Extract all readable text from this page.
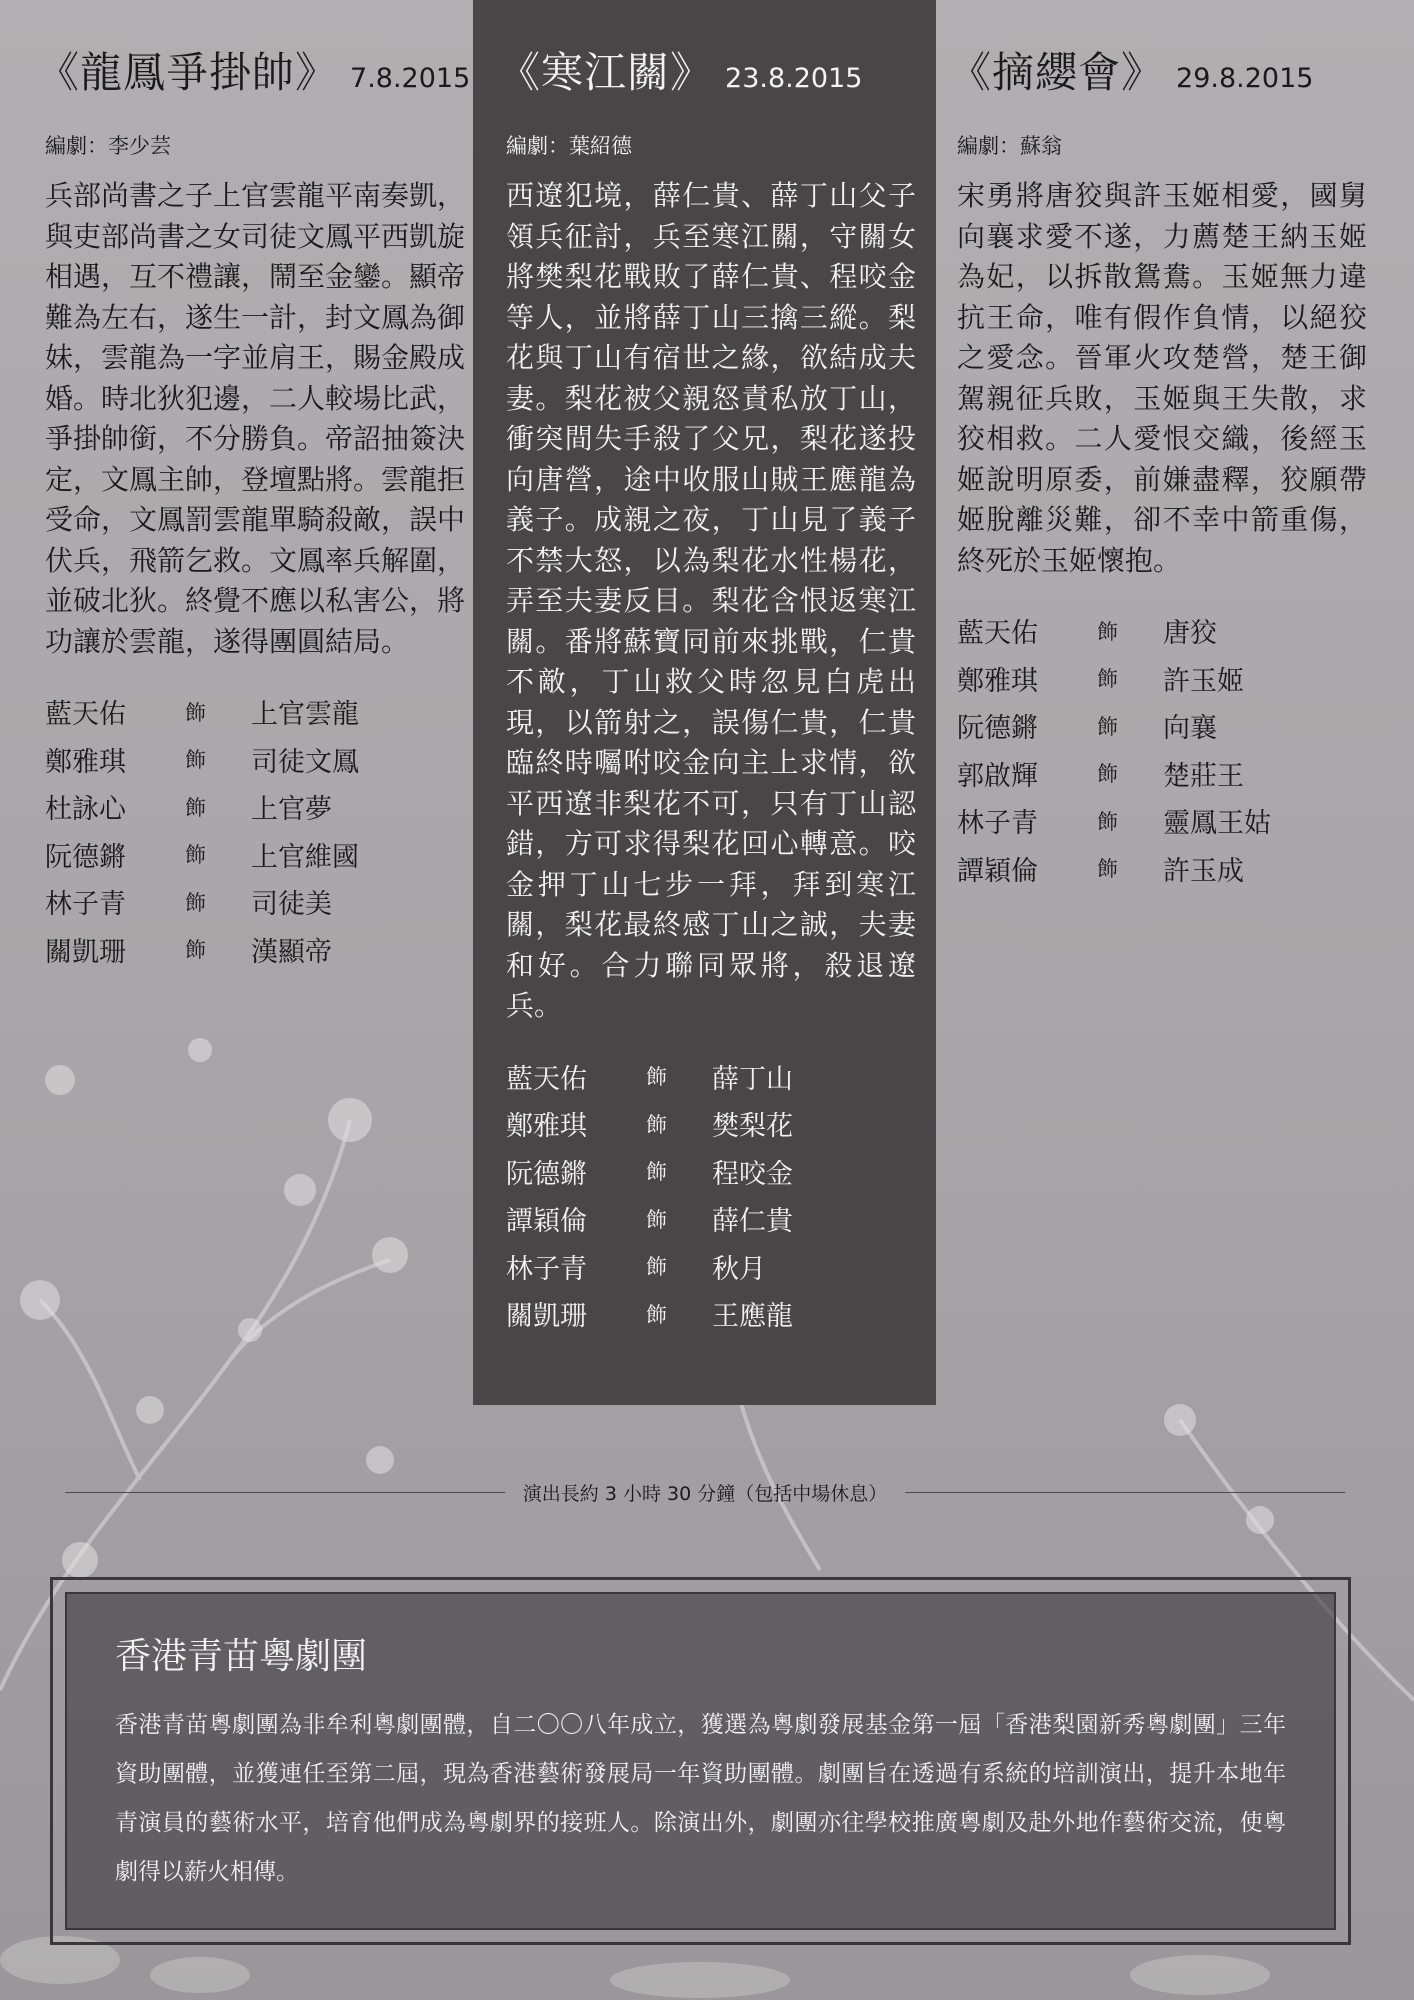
《龍鳳爭掛帥》 7.8.2015
編劇：李少芸

兵部尚書之子上官雲龍平南奏凱，與吏部尚書之女司徒文鳳平西凱旋相遇，互不禮讓，鬧至金鑾。顯帝難為左右，遂生一計，封文鳳為御妹，雲龍為一字並肩王，賜金殿成婚。時北狄犯邊，二人較場比武，爭掛帥銜，不分勝負。帝詔抽簽決定，文鳳主帥，登壇點將。雲龍拒受命，文鳳罰雲龍單騎殺敵，誤中伏兵，飛箭乞救。文鳳率兵解圍，並破北狄。終覺不應以私害公，將功讓於雲龍，遂得團圓結局。

藍天佑	飾	上官雲龍
鄭雅琪	飾	司徒文鳳
杜詠心	飾	上官夢
阮德鏘	飾	上官維國
林子青	飾	司徒美
關凱珊	飾	漢顯帝
《寒江關》 23.8.2015
編劇：葉紹德

西遼犯境，薛仁貴、薛丁山父子領兵征討，兵至寒江關，守關女將樊梨花戰敗了薛仁貴、程咬金等人，並將薛丁山三擒三縱。梨花與丁山有宿世之緣，欲結成夫妻。梨花被父親怒責私放丁山，衝突間失手殺了父兄，梨花遂投向唐營，途中收服山賊王應龍為義子。成親之夜，丁山見了義子不禁大怒，以為梨花水性楊花，弄至夫妻反目。梨花含恨返寒江關。番將蘇寶同前來挑戰，仁貴不敵，丁山救父時忽見白虎出現，以箭射之，誤傷仁貴，仁貴臨終時囑咐咬金向主上求情，欲平西遼非梨花不可，只有丁山認錯，方可求得梨花回心轉意。咬金押丁山七步一拜，拜到寒江關，梨花最終感丁山之誠，夫妻和好。合力聯同眾將，殺退遼兵。

藍天佑	飾	薛丁山
鄭雅琪	飾	樊梨花
阮德鏘	飾	程咬金
譚穎倫	飾	薛仁貴
林子青	飾	秋月
關凱珊	飾	王應龍
《摘纓會》 29.8.2015
編劇：蘇翁

宋勇將唐狡與許玉姬相愛，國舅向襄求愛不遂，力薦楚王納玉姬為妃，以拆散鴛鴦。玉姬無力違抗王命，唯有假作負情，以絕狡之愛念。晉軍火攻楚營，楚王御駕親征兵敗，玉姬與王失散，求狡相救。二人愛恨交織，後經玉姬說明原委，前嫌盡釋，狡願帶姬脫離災難，卻不幸中箭重傷，終死於玉姬懷抱。

藍天佑	飾	唐狡
鄭雅琪	飾	許玉姬
阮德鏘	飾	向襄
郭啟輝	飾	楚莊王
林子青	飾	靈鳳王姑
譚穎倫	飾	許玉成
演出長約 3 小時 30 分鐘（包括中場休息）
香港青苗粵劇團

香港青苗粵劇團為非牟利粵劇團體，自二〇〇八年成立，獲選為粵劇發展基金第一屆「香港梨園新秀粵劇團」三年資助團體，並獲連任至第二屆，現為香港藝術發展局一年資助團體。劇團旨在透過有系統的培訓演出，提升本地年青演員的藝術水平，培育他們成為粵劇界的接班人。除演出外，劇團亦往學校推廣粵劇及赴外地作藝術交流，使粵劇得以薪火相傳。
